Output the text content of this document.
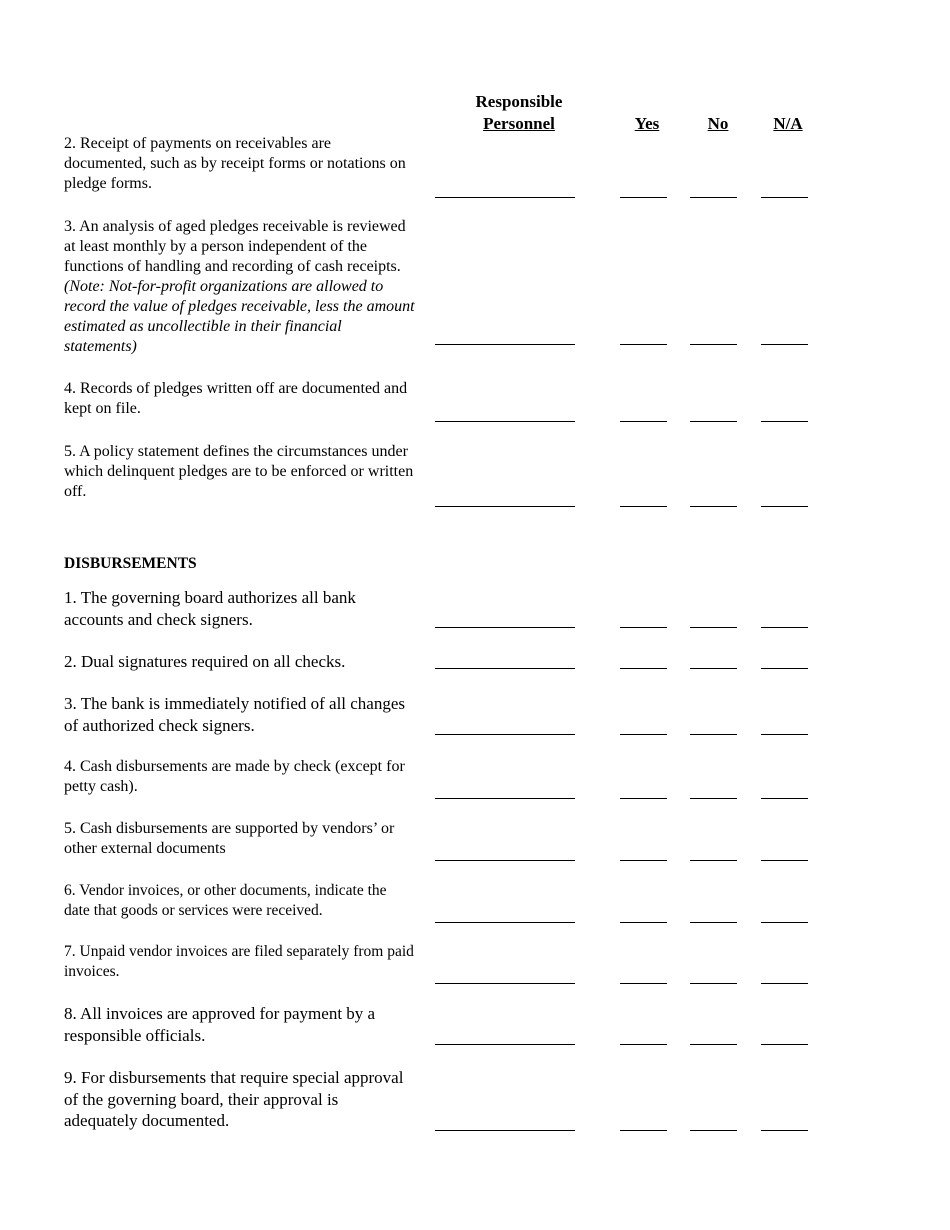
Responsible
Personnel	Yes	No	N/A
2. Receipt of payments on receivables are documented, such as by receipt forms or notations on pledge forms.
3. An analysis of aged pledges receivable is reviewed at least monthly by a person independent of the functions of handling and recording of cash receipts. (Note: Not-for-profit organizations are allowed to record the value of pledges receivable, less the amount estimated as uncollectible in their financial statements)
4. Records of pledges written off are documented and kept on file.
5. A policy statement defines the circumstances under which delinquent pledges are to be enforced or written off.
DISBURSEMENTS
1. The governing board authorizes all bank accounts and check signers.
2. Dual signatures required on all checks.
3. The bank is immediately notified of all changes of authorized check signers.
4. Cash disbursements are made by check (except for petty cash).
5. Cash disbursements are supported by vendors’ or other external documents
6. Vendor invoices, or other documents, indicate the date that goods or services were received.
7. Unpaid vendor invoices are filed separately from paid invoices.
8. All invoices are approved for payment by a responsible officials.
9. For disbursements that require special approval of the governing board, their approval is adequately documented.
